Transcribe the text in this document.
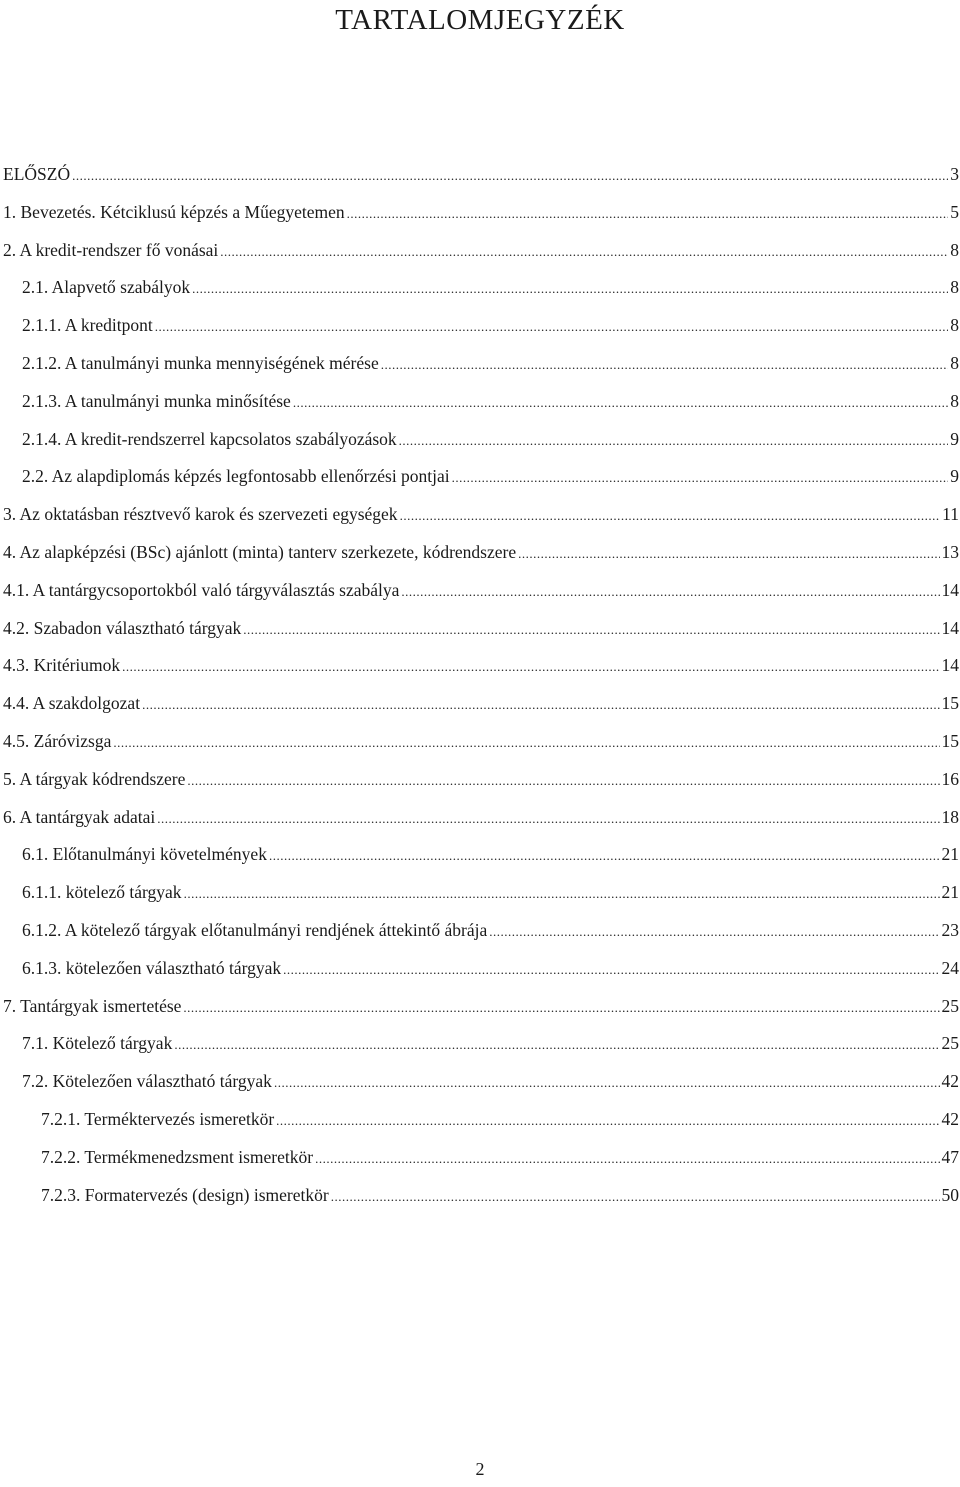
TARTALOMJEGYZÉK
ELŐSZÓ .....	3
1. Bevezetés. Kétciklusú képzés a Műegyetemen .....	5
2. A kredit-rendszer fő vonásai .....	8
2.1. Alapvető szabályok .....	8
2.1.1. A kreditpont .....	8
2.1.2. A tanulmányi munka mennyiségének mérése .....	8
2.1.3. A tanulmányi munka minősítése .....	8
2.1.4. A kredit-rendszerrel kapcsolatos szabályozások .....	9
2.2. Az alapdiplomás képzés legfontosabb ellenőrzési pontjai .....	9
3. Az oktatásban résztvevő karok és szervezeti egységek .....	11
4. Az alapképzési (BSc) ajánlott (minta) tanterv szerkezete, kódrendszere .....	13
4.1. A tantárgycsoportokból való tárgyválasztás szabálya .....	14
4.2. Szabadon választható tárgyak .....	14
4.3. Kritériumok .....	14
4.4. A szakdolgozat .....	15
4.5. Záróvizsga .....	15
5. A tárgyak kódrendszere .....	16
6. A tantárgyak adatai .....	18
6.1. Előtanulmányi követelmények .....	21
6.1.1. kötelező tárgyak .....	21
6.1.2. A kötelező tárgyak előtanulmányi rendjének áttekintő ábrája .....	23
6.1.3. kötelezően választható tárgyak .....	24
7. Tantárgyak ismertetése .....	25
7.1. Kötelező tárgyak .....	25
7.2. Kötelezően választható tárgyak .....	42
7.2.1. Terméktervezés ismeretkör .....	42
7.2.2. Termékmenedzsment ismeretkör .....	47
7.2.3. Formatervezés (design) ismeretkör .....	50
2
